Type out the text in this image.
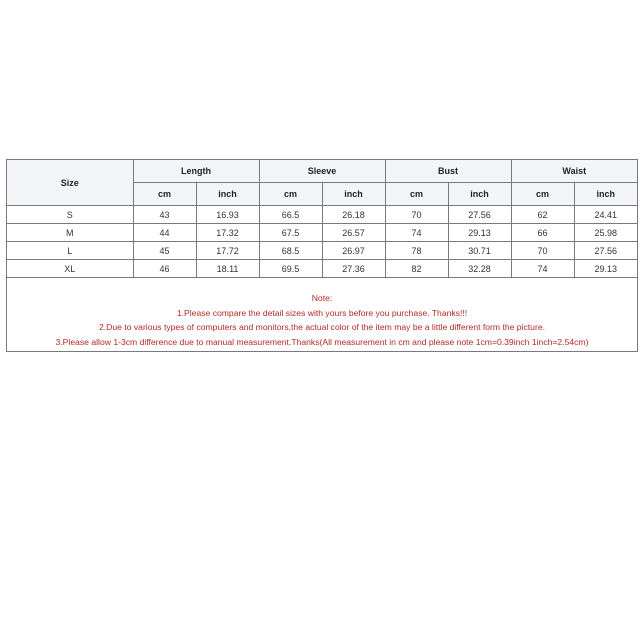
Size	Length		Sleeve		Bust		Waist	
	cm	inch	cm	inch	cm	inch	cm	inch
S	43	16.93	66.5	26.18	70	27.56	62	24.41
M	44	17.32	67.5	26.57	74	29.13	66	25.98
L	45	17.72	68.5	26.97	78	30.71	70	27.56
XL	46	18.11	69.5	27.36	82	32.28	74	29.13
Note:
1.Please compare the detail sizes with yours before you purchase. Thanks!!!
2.Due to various types of computers and monitors,the actual color of the item may be a little different form the picture.
3.Please allow 1-3cm difference due to manual measurement.Thanks(All measurement in cm and please note 1cm=0.39inch 1inch=2.54cm)
